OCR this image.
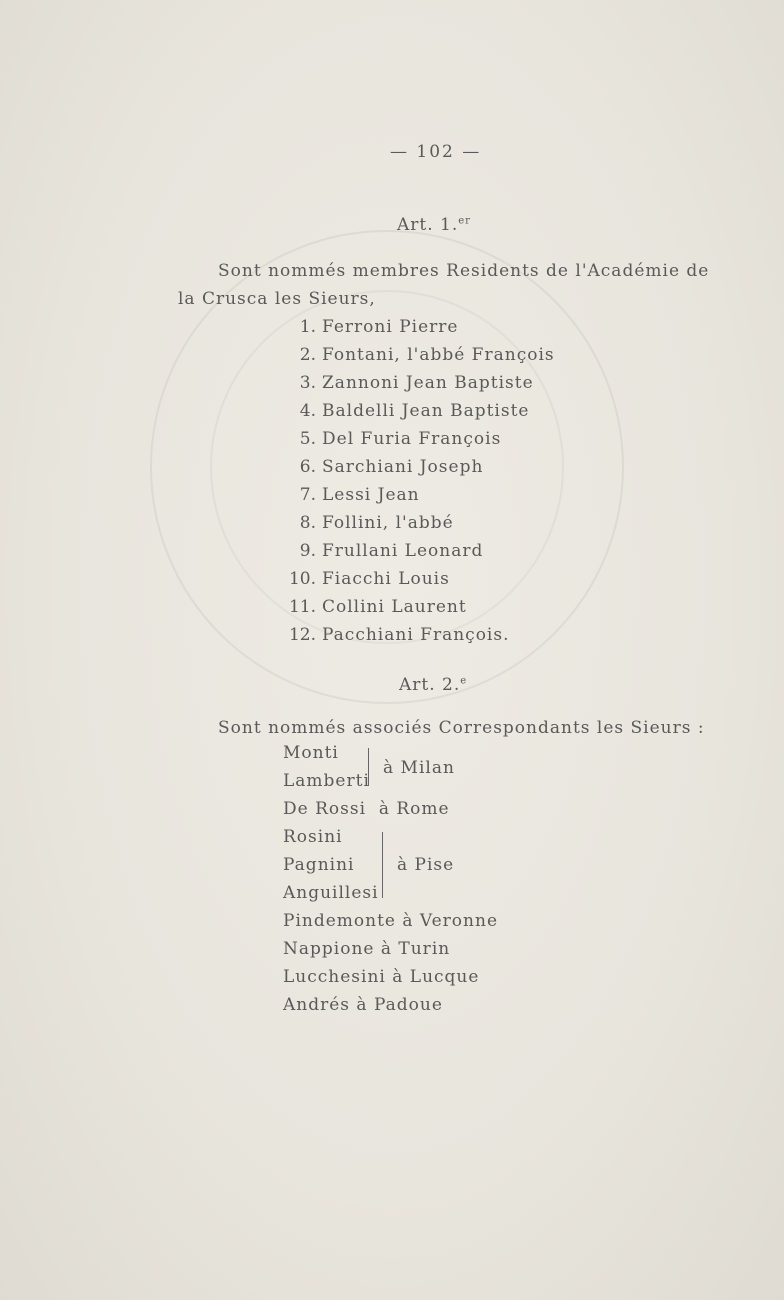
— 102 —
Art. 1.$^{er}$
Sont nommés membres Residents de l'Académie de
la Crusca les Sieurs,
1. Ferroni Pierre
2. Fontani, l'abbé François
3. Zannoni Jean Baptiste
4. Baldelli Jean Baptiste
5. Del Furia François
6. Sarchiani Joseph
7. Lessi Jean
8. Follini, l'abbé
9. Frullani Leonard
10. Fiacchi Louis
11. Collini Laurent
12. Pacchiani François.
Art. 2.$^e$
Sont nommés associés Correspondants les Sieurs :
Monti
Lamberti
à Milan
De Rossi  à Rome
Rosini
Pagnini
Anguillesi
à Pise
Pindemonte à Veronne
Nappione à Turin
Lucchesini à Lucque
Andrés à Padoue
